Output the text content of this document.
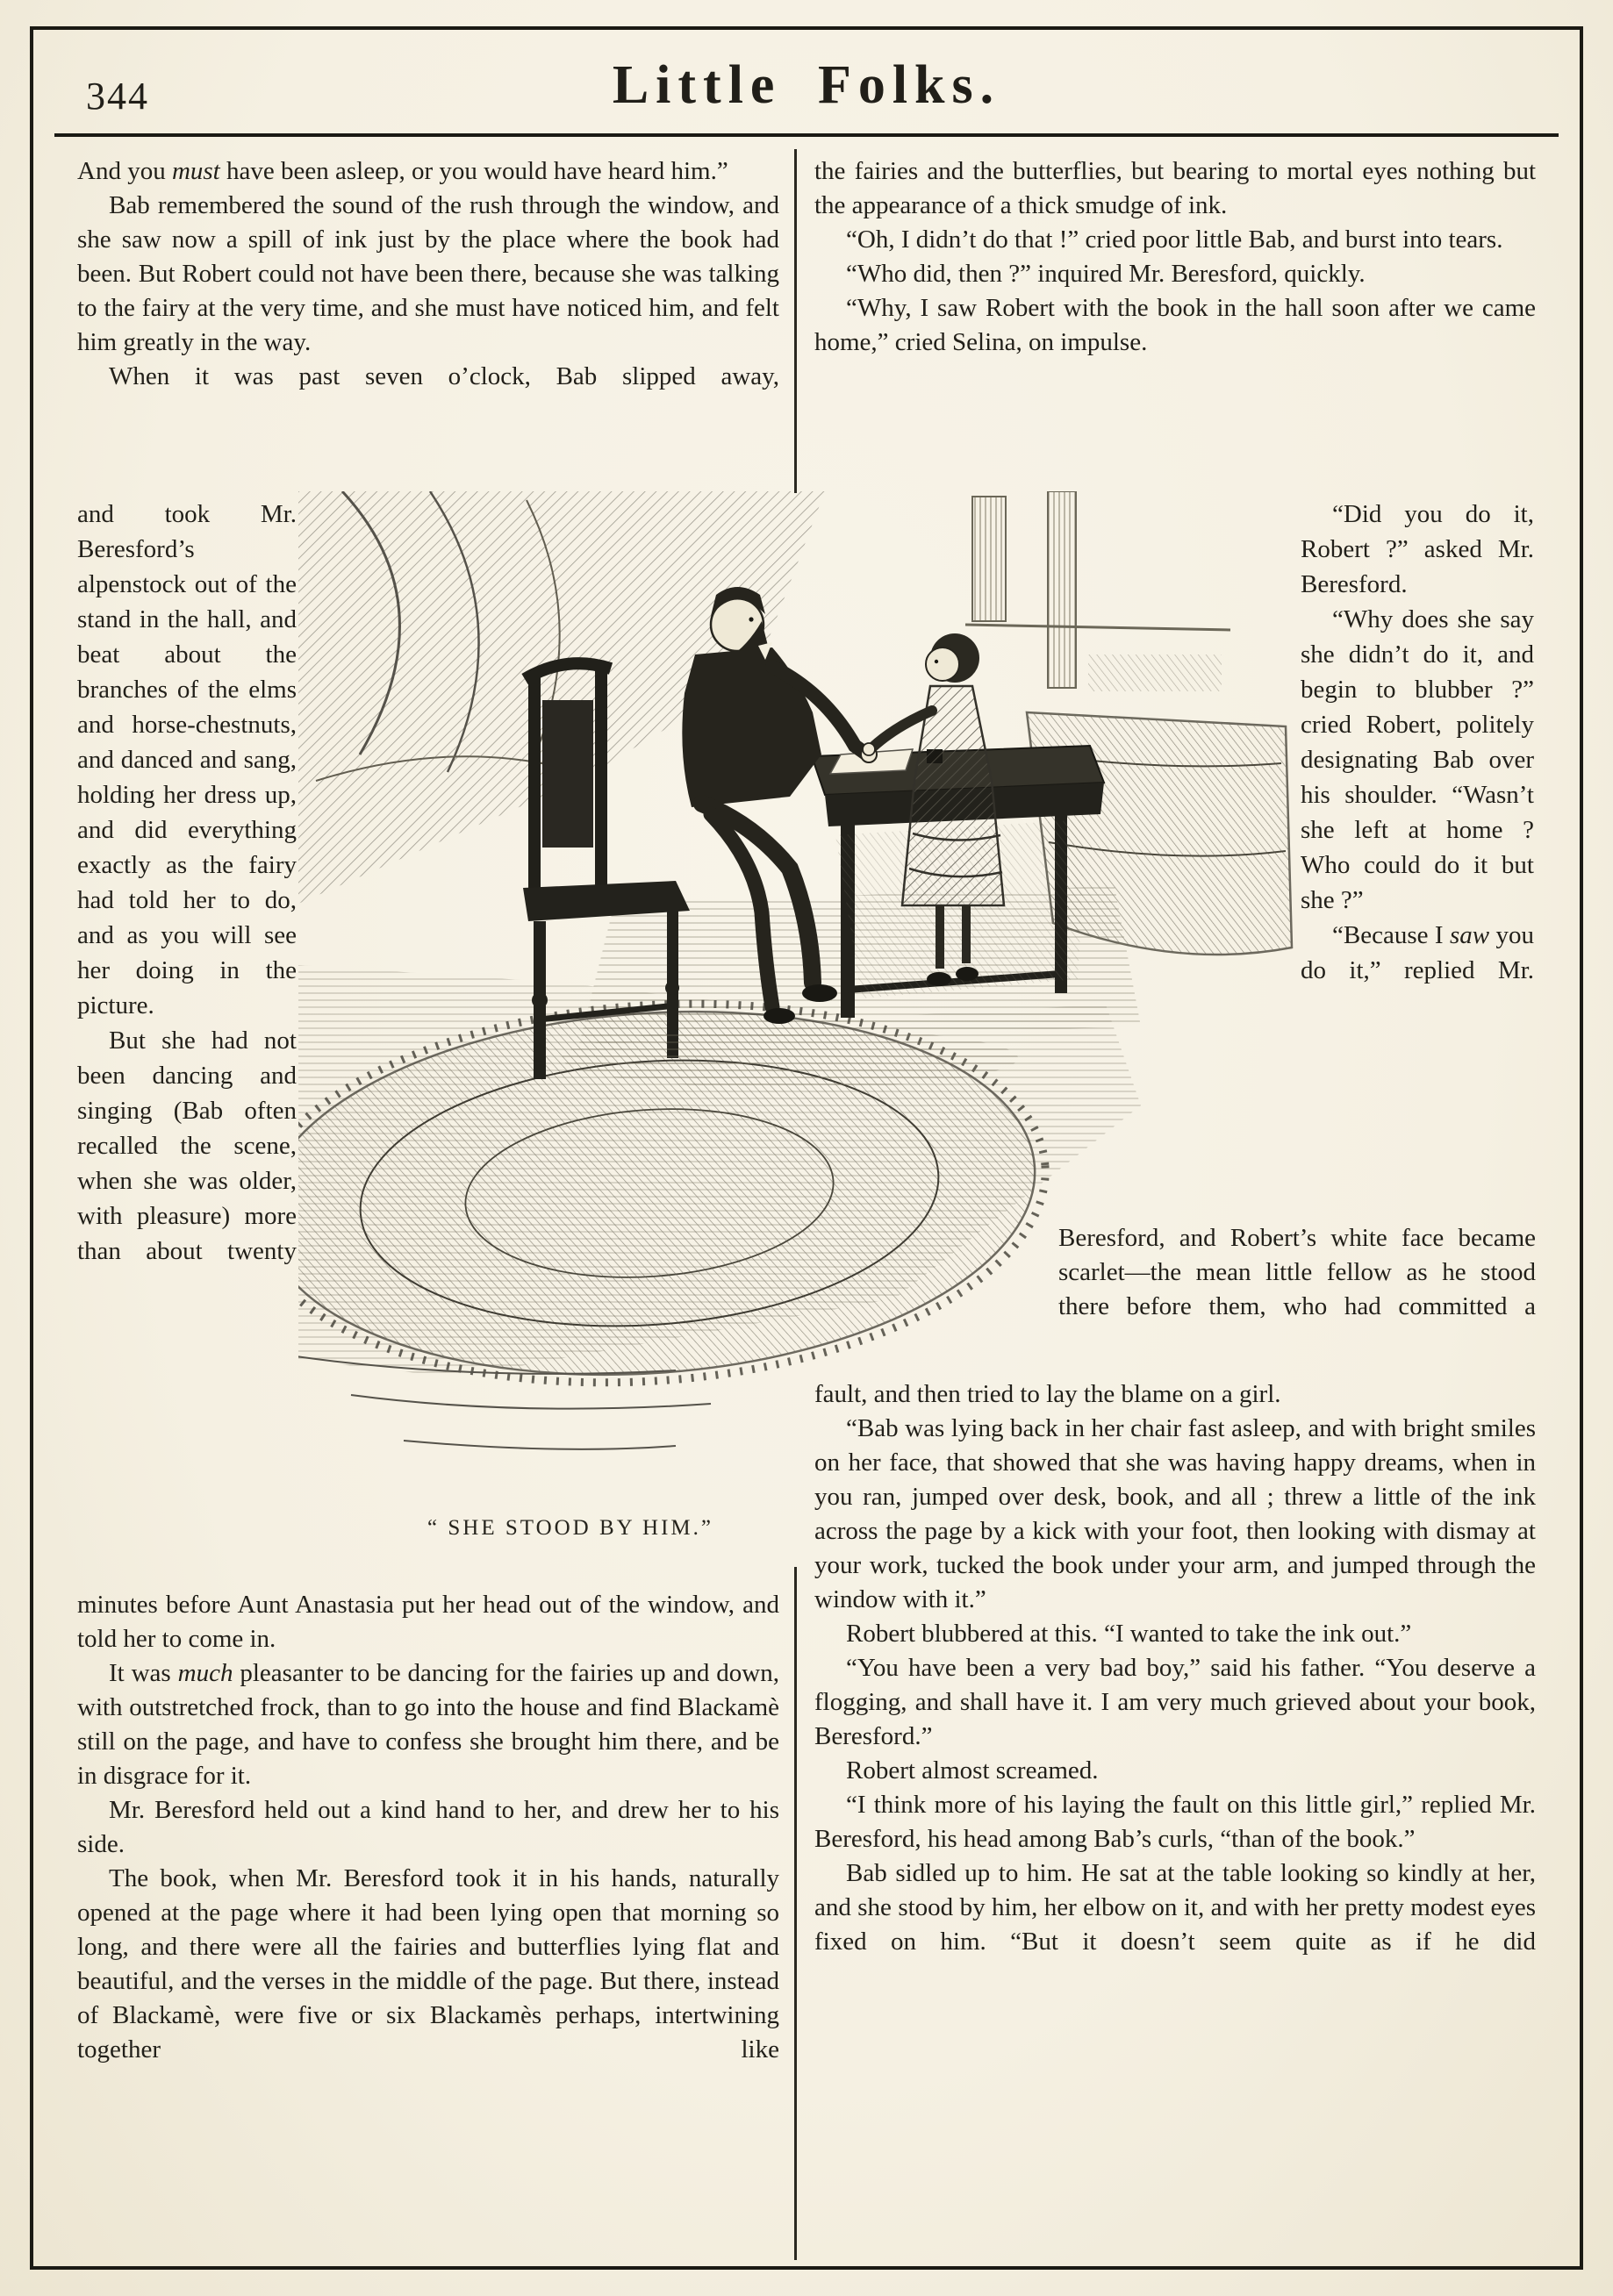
344	Little Folks.

And you must have been asleep, or you would have heard him.”

Bab remembered the sound of the rush through the window, and she saw now a spill of ink just by the place where the book had been. But Robert could not have been there, because she was talking to the fairy at the very time, and she must have noticed him, and felt him greatly in the way.

When it was past seven o’clock, Bab slipped away,

and took Mr. Beresford’s alpenstock out of the stand in the hall, and beat about the branches of the elms and horse-chestnuts, and danced and sang, holding her dress up, and did everything exactly as the fairy had told her to do, and as you will see her doing in the picture.

But she had not been dancing and singing (Bab often recalled the scene, when she was older, with pleasure) more than about twenty

minutes before Aunt Anastasia put her head out of the window, and told her to come in.

It was much pleasanter to be dancing for the fairies up and down, with outstretched frock, than to go into the house and find Blackamè still on the page, and have to confess she brought him there, and be in disgrace for it.

Mr. Beresford held out a kind hand to her, and drew her to his side.

The book, when Mr. Beresford took it in his hands, naturally opened at the page where it had been lying open that morning so long, and there were all the fairies and butterflies lying flat and beautiful, and the verses in the middle of the page. But there, instead of Blackamè, were five or six Blackamès perhaps, intertwining together like

the fairies and the butterflies, but bearing to mortal eyes nothing but the appearance of a thick smudge of ink.

“Oh, I didn’t do that !” cried poor little Bab, and burst into tears.

“Who did, then ?” inquired Mr. Beresford, quickly.

“Why, I saw Robert with the book in the hall soon after we came home,” cried Selina, on impulse.

“Did you do it, Robert ?” asked Mr. Beresford.

“Why does she say she didn’t do it, and begin to blubber ?” cried Robert, politely designating Bab over his shoulder. “Wasn’t she left at home ? Who could do it but she ?”

“Because I saw you do it,” replied Mr.

Beresford, and Robert’s white face became scarlet—the mean little fellow as he stood there before them, who had committed a

fault, and then tried to lay the blame on a girl.

“Bab was lying back in her chair fast asleep, and with bright smiles on her face, that showed that she was having happy dreams, when in you ran, jumped over desk, book, and all ; threw a little of the ink across the page by a kick with your foot, then looking with dismay at your work, tucked the book under your arm, and jumped through the window with it.”

Robert blubbered at this. “I wanted to take the ink out.”

“You have been a very bad boy,” said his father. “You deserve a flogging, and shall have it. I am very much grieved about your book, Beresford.”

Robert almost screamed.

“I think more of his laying the fault on this little girl,” replied Mr. Beresford, his head among Bab’s curls, “than of the book.”

Bab sidled up to him. He sat at the table looking so kindly at her, and she stood by him, her elbow on it, and with her pretty modest eyes fixed on him. “But it doesn’t seem quite as if he did

“ SHE STOOD BY HIM.”
